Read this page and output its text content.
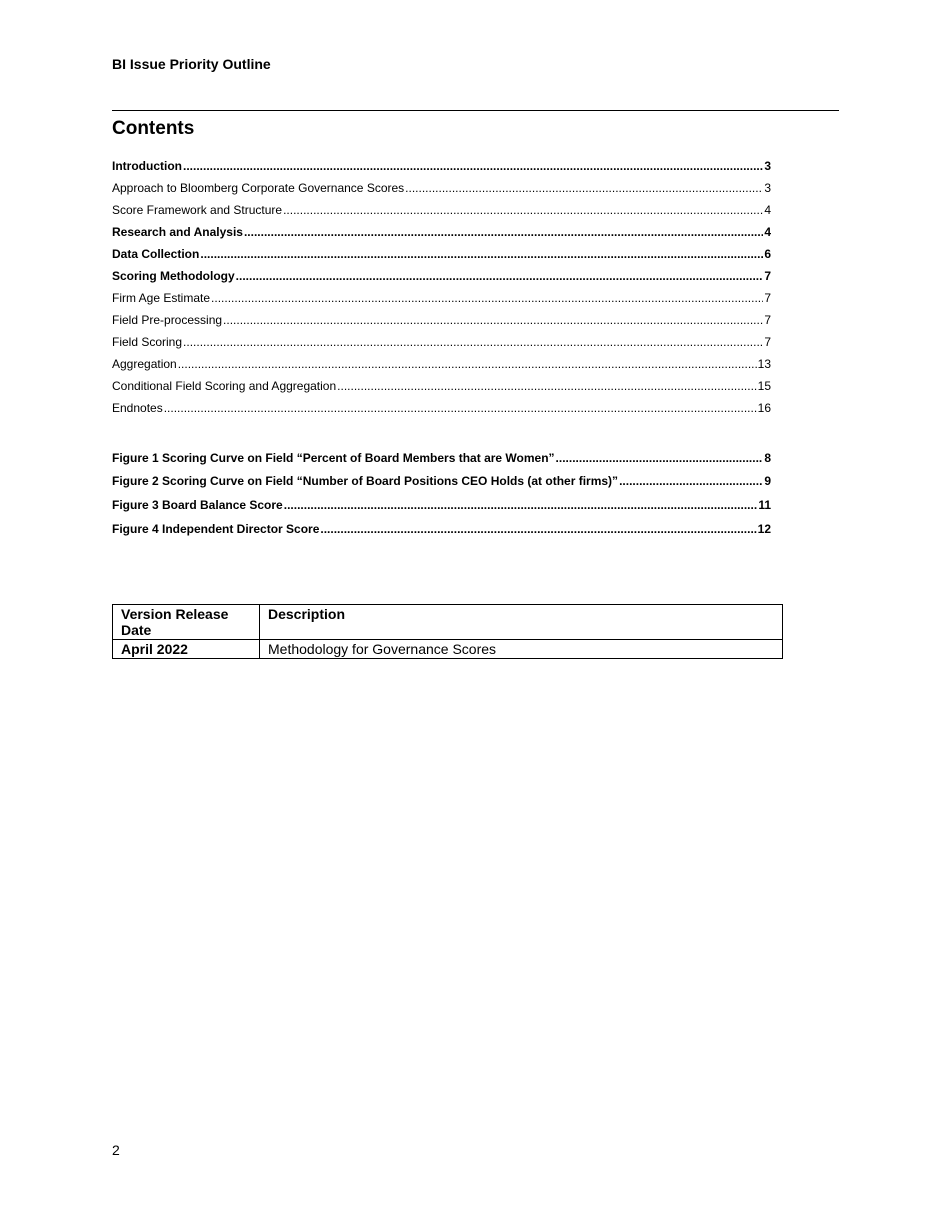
BI Issue Priority Outline
Contents
Introduction .....	3
Approach to Bloomberg Corporate Governance Scores .....	3
Score Framework and Structure .....	4
Research and Analysis .....	4
Data Collection .....	6
Scoring Methodology .....	7
Firm Age Estimate .....	7
Field Pre-processing .....	7
Field Scoring .....	7
Aggregation .....	13
Conditional Field Scoring and Aggregation .....	15
Endnotes .....	16
Figure 1 Scoring Curve on Field “Percent of Board Members that are Women” .....	8
Figure 2 Scoring Curve on Field “Number of Board Positions CEO Holds (at other firms)” .....	9
Figure 3 Board Balance Score .....	11
Figure 4 Independent Director Score .....	12
Version Release Date	Description
April 2022	Methodology for Governance Scores
2
